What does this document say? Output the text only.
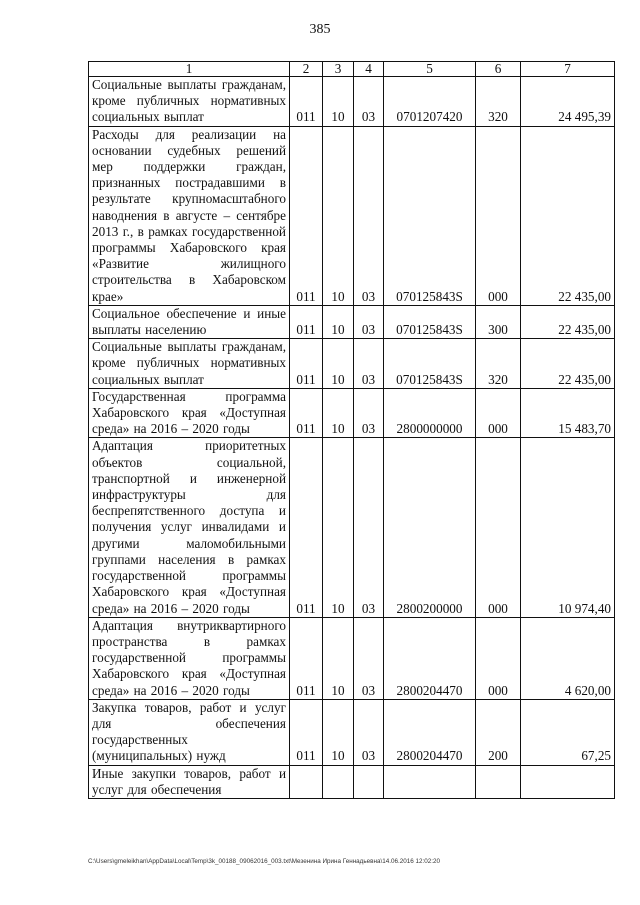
385
1	2	3	4	5	6	7
Социальные выплаты гражданам, кроме публичных нормативных социальных выплат	011	10	03	0701207420	320	24 495,39
Расходы для реализации на основании судебных решений мер поддержки граждан, признанных пострадавшими в результате крупномасштабного наводнения в августе – сентябре 2013 г., в рамках государственной программы Хабаровского края «Развитие жилищного строительства в Хабаровском крае»	011	10	03	070125843S	000	22 435,00
Социальное обеспечение и иные выплаты населению	011	10	03	070125843S	300	22 435,00
Социальные выплаты гражданам, кроме публичных нормативных социальных выплат	011	10	03	070125843S	320	22 435,00
Государственная программа Хабаровского края «Доступная среда» на 2016 – 2020 годы	011	10	03	2800000000	000	15 483,70
Адаптация приоритетных объектов социальной, транспортной и инженерной инфраструктуры для беспрепятственного доступа и получения услуг инвалидами и другими маломобильными группами населения в рамках государственной программы Хабаровского края «Доступная среда» на 2016 – 2020 годы	011	10	03	2800200000	000	10 974,40
Адаптация внутриквартирного пространства в рамках государственной программы Хабаровского края «Доступная среда» на 2016 – 2020 годы	011	10	03	2800204470	000	4 620,00
Закупка товаров, работ и услуг для обеспечения государственных (муниципальных) нужд	011	10	03	2800204470	200	67,25
Иные закупки товаров, работ и услуг для обеспечения						
C:\Users\gmeleikhan\AppData\Local\Temp\3k_00188_09062016_003.txt\Мезенина Ирина Геннадьевна\14.06.2016 12:02:20
